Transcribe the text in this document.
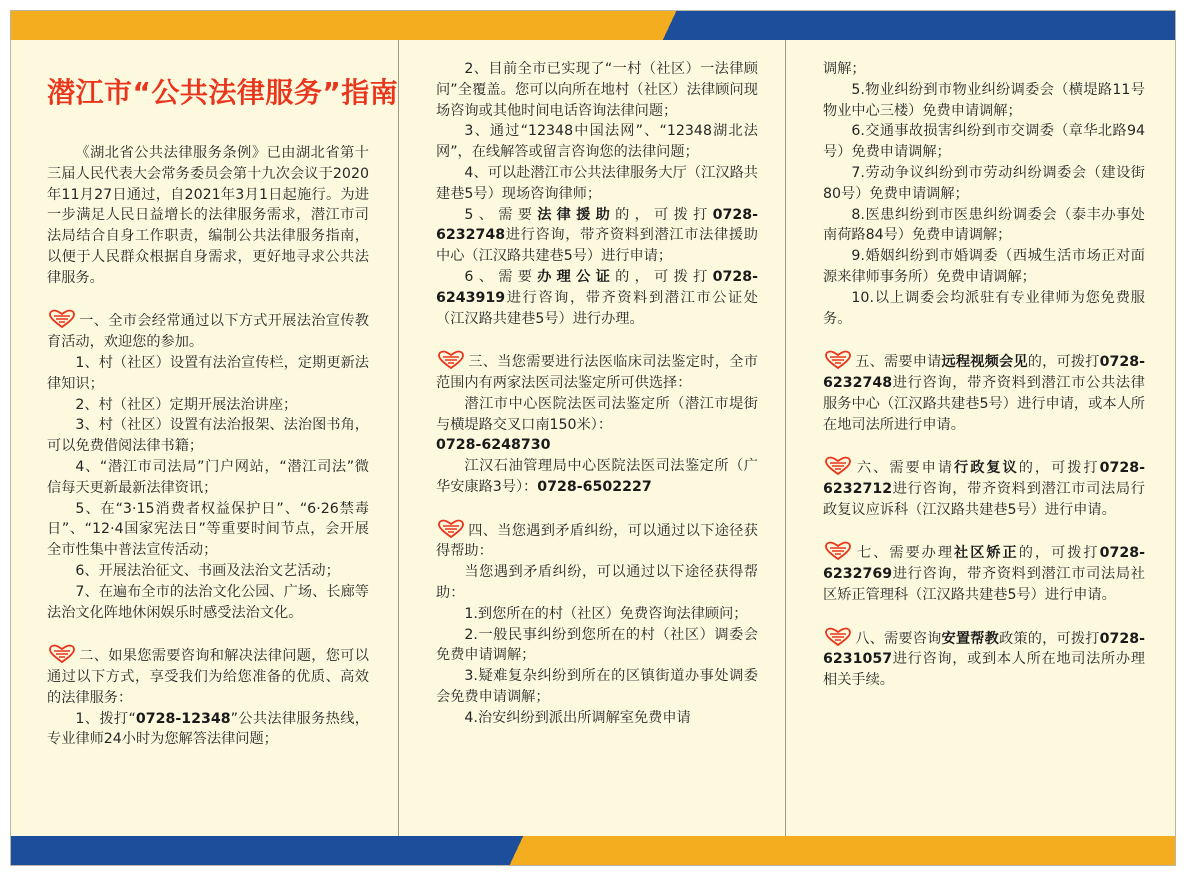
潜江市“公共法律服务”指南

《湖北省公共法律服务条例》已由湖北省第十三届人民代表大会常务委员会第十九次会议于2020年11月27日通过，自2021年3月1日起施行。为进一步满足人民日益增长的法律服务需求，潜江市司法局结合自身工作职责，编制公共法律服务指南，以便于人民群众根据自身需求，更好地寻求公共法律服务。

一、全市会经常通过以下方式开展法治宣传教育活动，欢迎您的参加。

1、村（社区）设置有法治宣传栏，定期更新法律知识；

2、村（社区）定期开展法治讲座；

3、村（社区）设置有法治报架、法治图书角，可以免费借阅法律书籍；

4、“潜江市司法局”门户网站，“潜江司法”微信每天更新最新法律资讯；

5、在“3·15消费者权益保护日”、“6·26禁毒日”、“12·4国家宪法日”等重要时间节点，会开展全市性集中普法宣传活动；

6、开展法治征文、书画及法治文艺活动；

7、在遍布全市的法治文化公园、广场、长廊等法治文化阵地休闲娱乐时感受法治文化。

二、如果您需要咨询和解决法律问题，您可以通过以下方式，享受我们为给您准备的优质、高效的法律服务：

1、拨打“0728-12348”公共法律服务热线，专业律师24小时为您解答法律问题；

2、目前全市已实现了“一村（社区）一法律顾问”全覆盖。您可以向所在地村（社区）法律顾问现场咨询或其他时间电话咨询法律问题；

3、通过“12348中国法网”、“12348湖北法网”，在线解答或留言咨询您的法律问题；

4、可以赴潜江市公共法律服务大厅（江汉路共建巷5号）现场咨询律师；

5、需要法律援助的，可拨打0728-6232748进行咨询，带齐资料到潜江市法律援助中心（江汉路共建巷5号）进行申请；

6、需要办理公证的，可拨打0728-6243919进行咨询，带齐资料到潜江市公证处（江汉路共建巷5号）进行办理。

三、当您需要进行法医临床司法鉴定时，全市范围内有两家法医司法鉴定所可供选择：

潜江市中心医院法医司法鉴定所（潜江市堤街与横堤路交叉口南150米）：
0728-6248730

江汉石油管理局中心医院法医司法鉴定所（广华安康路3号）：0728-6502227

四、当您遇到矛盾纠纷，可以通过以下途径获得帮助：

当您遇到矛盾纠纷，可以通过以下途径获得帮助：

1.到您所在的村（社区）免费咨询法律顾问；

2.一般民事纠纷到您所在的村（社区）调委会免费申请调解；

3.疑难复杂纠纷到所在的区镇街道办事处调委会免费申请调解；

4.治安纠纷到派出所调解室免费申请

调解；

5.物业纠纷到市物业纠纷调委会（横堤路11号物业中心三楼）免费申请调解；

6.交通事故损害纠纷到市交调委（章华北路94号）免费申请调解；

7.劳动争议纠纷到市劳动纠纷调委会（建设街80号）免费申请调解；

8.医患纠纷到市医患纠纷调委会（泰丰办事处南荷路84号）免费申请调解；

9.婚姻纠纷到市婚调委（西城生活市场正对面源来律师事务所）免费申请调解；

10.以上调委会均派驻有专业律师为您免费服务。

五、需要申请远程视频会见的，可拨打0728-6232748进行咨询，带齐资料到潜江市公共法律服务中心（江汉路共建巷5号）进行申请，或本人所在地司法所进行申请。

六、需要申请行政复议的，可拨打0728-6232712进行咨询，带齐资料到潜江市司法局行政复议应诉科（江汉路共建巷5号）进行申请。

七、需要办理社区矫正的，可拨打0728-6232769进行咨询，带齐资料到潜江市司法局社区矫正管理科（江汉路共建巷5号）进行申请。

八、需要咨询安置帮教政策的，可拨打0728-6231057进行咨询，或到本人所在地司法所办理相关手续。
